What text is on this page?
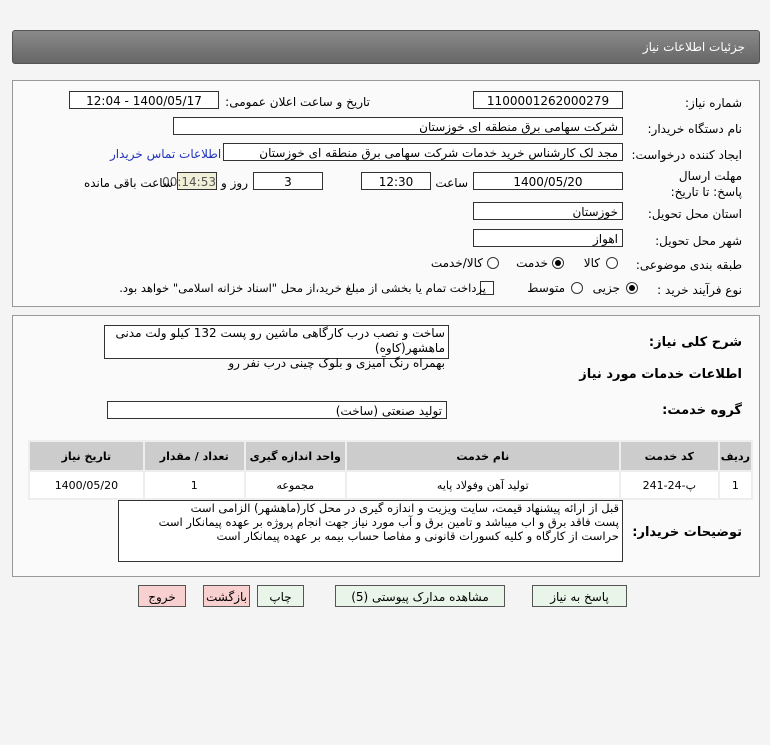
جزئیات اطلاعات نیاز
شماره نیاز:
1100001262000279
تاریخ و ساعت اعلان عمومی:
1400/05/17 - 12:04
نام دستگاه خریدار:
شرکت سهامی برق منطقه ای خوزستان
ایجاد کننده درخواست:
مجد لک کارشناس خرید خدمات شرکت سهامی برق منطقه ای خوزستان
اطلاعات تماس خریدار
مهلت ارسال پاسخ: تا تاریخ:
1400/05/20
ساعت
12:30
3
روز و
00:14:53
ساعت باقی مانده
استان محل تحویل:
خوزستان
شهر محل تحویل:
اهواز
طبقه بندی موضوعی:
کالا
خدمت
کالا/خدمت
نوع فرآیند خرید :
جزیی
متوسط
پرداخت تمام یا بخشی از مبلغ خرید،از محل "اسناد خزانه اسلامی" خواهد بود.
شرح کلی نیاز:
ساخت و نصب درب کارگاهی ماشین رو پست 132 کیلو ولت مدنی ماهشهر(کاوه)
بهمراه رنگ آمیزی و بلوک چینی درب نفر رو
اطلاعات خدمات مورد نیاز
گروه خدمت:
تولید صنعتی (ساخت)
ردیف	کد خدمت	نام خدمت	واحد اندازه گیری	تعداد / مقدار	تاریخ نیاز
1	پ-24-241	تولید آهن وفولاد پایه	مجموعه	1	1400/05/20
توضیحات خریدار:
قبل از ارائه پیشنهاد قیمت، سایت ویزیت و اندازه گیری در محل کار(ماهشهر) الزامی است
پست فاقد برق و اب میباشد و تامین برق و آب مورد نیاز جهت انجام پروژه بر عهده پیمانکار است
حراست از کارگاه و کلیه کسورات قانونی و مفاصا حساب بیمه بر عهده پیمانکار است
پاسخ به نیاز
مشاهده مدارک پیوستی (5)
چاپ
بازگشت
خروج
